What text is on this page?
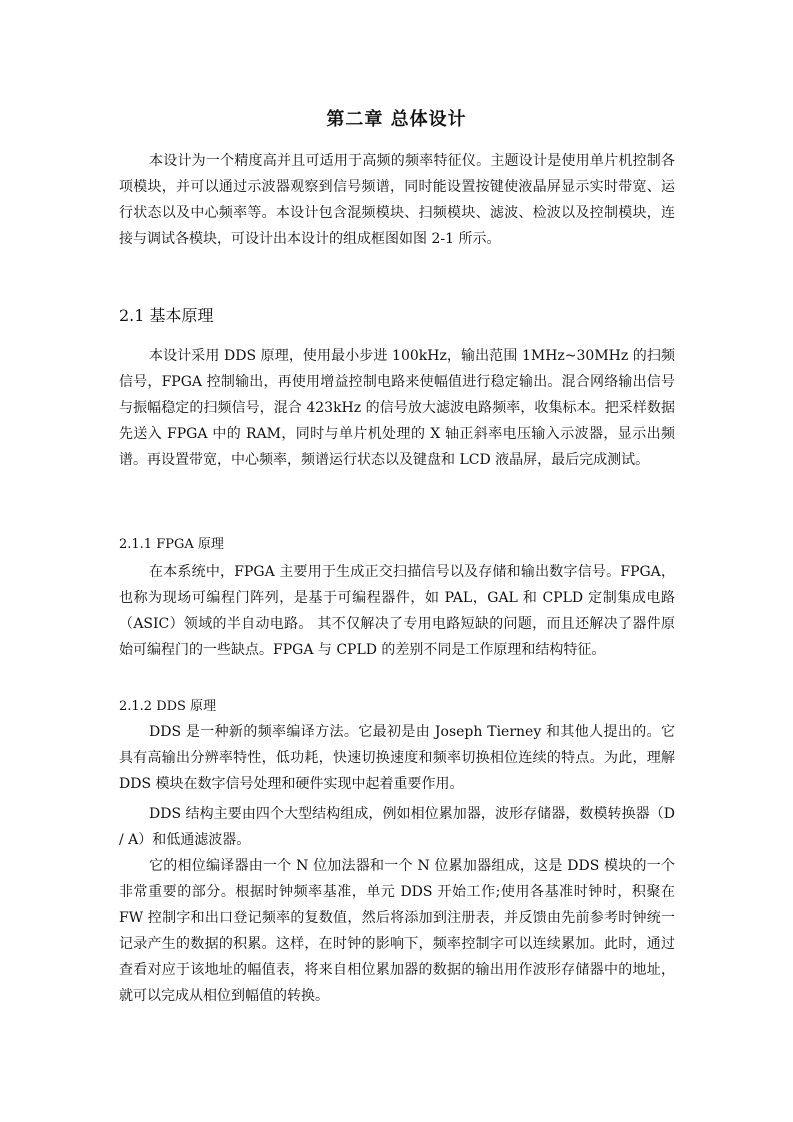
第二章 总体设计

本设计为一个精度高并且可适用于高频的频率特征仪。主题设计是使用单片机控制各项模块，并可以通过示波器观察到信号频谱，同时能设置按键使液晶屏显示实时带宽、运行状态以及中心频率等。本设计包含混频模块、扫频模块、滤波、检波以及控制模块，连接与调试各模块，可设计出本设计的组成框图如图 2-1 所示。

2.1 基本原理

本设计采用 DDS 原理，使用最小步进 100kHz，输出范围 1MHz~30MHz 的扫频信号，FPGA 控制输出，再使用增益控制电路来使幅值进行稳定输出。混合网络输出信号与振幅稳定的扫频信号，混合 423kHz 的信号放大滤波电路频率，收集标本。把采样数据先送入 FPGA 中的 RAM，同时与单片机处理的 X 轴正斜率电压输入示波器，显示出频谱。再设置带宽，中心频率，频谱运行状态以及键盘和 LCD 液晶屏，最后完成测试。

2.1.1 FPGA 原理

在本系统中，FPGA 主要用于生成正交扫描信号以及存储和输出数字信号。FPGA，也称为现场可编程门阵列，是基于可编程器件，如 PAL，GAL 和 CPLD 定制集成电路（ASIC）领域的半自动电路。 其不仅解决了专用电路短缺的问题，而且还解决了器件原始可编程门的一些缺点。FPGA 与 CPLD 的差别不同是工作原理和结构特征。

2.1.2 DDS 原理

DDS 是一种新的频率编译方法。它最初是由 Joseph Tierney 和其他人提出的。它具有高输出分辨率特性，低功耗，快速切换速度和频率切换相位连续的特点。为此，理解 DDS 模块在数字信号处理和硬件实现中起着重要作用。

DDS 结构主要由四个大型结构组成，例如相位累加器，波形存储器，数模转换器（D / A）和低通滤波器。

它的相位编译器由一个 N 位加法器和一个 N 位累加器组成，这是 DDS 模块的一个非常重要的部分。根据时钟频率基准，单元 DDS 开始工作;使用各基准时钟时，积聚在 FW 控制字和出口登记频率的复数值，然后将添加到注册表，并反馈由先前参考时钟统一记录产生的数据的积累。这样，在时钟的影响下，频率控制字可以连续累加。此时，通过查看对应于该地址的幅值表，将来自相位累加器的数据的输出用作波形存储器中的地址，就可以完成从相位到幅值的转换。
